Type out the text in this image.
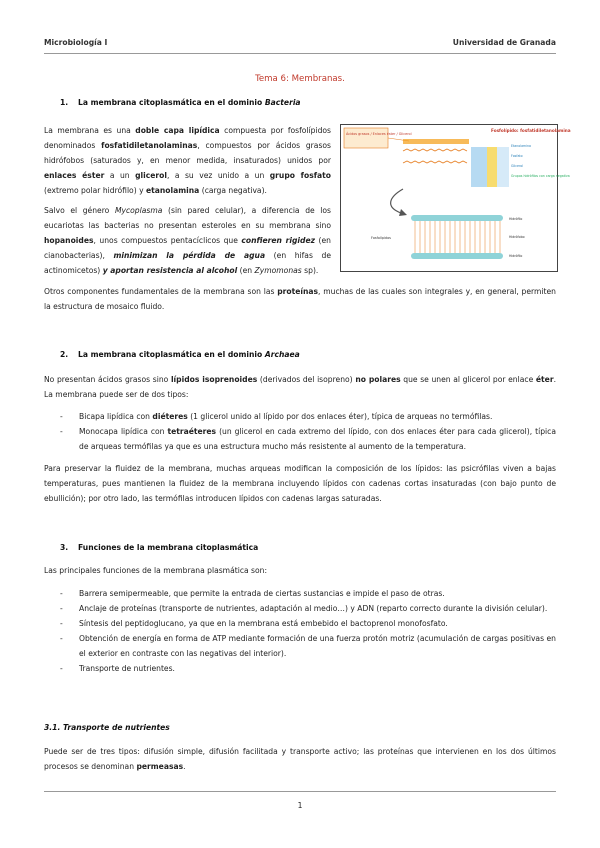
Microbiología I	Universidad de Granada
Tema 6: Membranas.
1. La membrana citoplasmática en el dominio Bacteria
La membrana es una doble capa lipídica compuesta por fosfolípidos denominados fosfatidiletanolaminas, compuestos por ácidos grasos hidrófobos (saturados y, en menor medida, insaturados) unidos por enlaces éster a un glicerol, a su vez unido a un grupo fosfato (extremo polar hidrófilo) y etanolamina (carga negativa).
Salvo el género Mycoplasma (sin pared celular), a diferencia de los eucariotas las bacterias no presentan esteroles en su membrana sino hopanoides, unos compuestos pentacíclicos que confieren rigidez (en cianobacterias), minimizan la pérdida de agua (en hifas de actinomicetos) y aportan resistencia al alcohol (en Zymomonas sp).
Ácidos grasos / Enlaces éster / Glicerol
Fosfolípido: fosfatidiletanolamina
Etanolamina
Fosfato
Glicerol
Grupos hidrófilos con carga negativa
Fosfolípidos
Hidrófilo
Hidrófobo
Hidrófilo
Otros componentes fundamentales de la membrana son las proteínas, muchas de las cuales son integrales y, en general, permiten la estructura de mosaico fluido.
2. La membrana citoplasmática en el dominio Archaea
No presentan ácidos grasos sino lípidos isoprenoides (derivados del isopreno) no polares que se unen al glicerol por enlace éter. La membrana puede ser de dos tipos:
- Bicapa lipídica con diéteres (1 glicerol unido al lípido por dos enlaces éter), típica de arqueas no termófilas.
- Monocapa lipídica con tetraéteres (un glicerol en cada extremo del lípido, con dos enlaces éter para cada glicerol), típica de arqueas termófilas ya que es una estructura mucho más resistente al aumento de la temperatura.
Para preservar la fluidez de la membrana, muchas arqueas modifican la composición de los lípidos: las psicrófilas viven a bajas temperaturas, pues mantienen la fluidez de la membrana incluyendo lípidos con cadenas cortas insaturadas (con bajo punto de ebullición); por otro lado, las termófilas introducen lípidos con cadenas largas saturadas.
3. Funciones de la membrana citoplasmática
Las principales funciones de la membrana plasmática son:
- Barrera semipermeable, que permite la entrada de ciertas sustancias e impide el paso de otras.
- Anclaje de proteínas (transporte de nutrientes, adaptación al medio…) y ADN (reparto correcto durante la división celular).
- Síntesis del peptidoglucano, ya que en la membrana está embebido el bactoprenol monofosfato.
- Obtención de energía en forma de ATP mediante formación de una fuerza protón motriz (acumulación de cargas positivas en el exterior en contraste con las negativas del interior).
- Transporte de nutrientes.
3.1. Transporte de nutrientes
Puede ser de tres tipos: difusión simple, difusión facilitada y transporte activo; las proteínas que intervienen en los dos últimos procesos se denominan permeasas.
1
